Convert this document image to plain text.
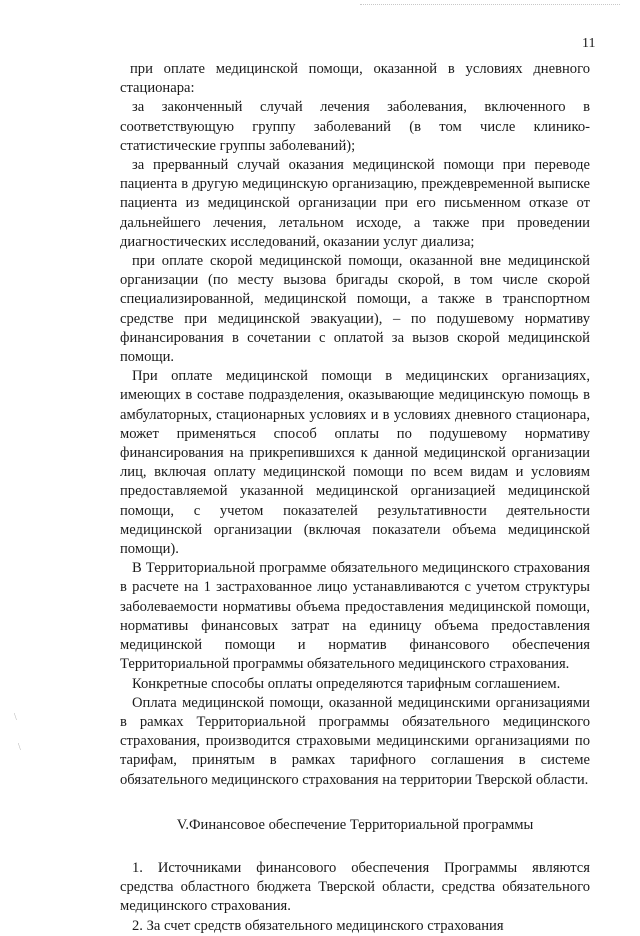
11

при оплате медицинской помощи, оказанной в условиях дневного стационара:

за законченный случай лечения заболевания, включенного в соответствующую группу заболеваний (в том числе клинико-статистические группы заболеваний);

за прерванный случай оказания медицинской помощи при переводе пациента в другую медицинскую организацию, преждевременной выписке пациента из медицинской организации при его письменном отказе от дальнейшего лечения, летальном исходе, а также при проведении диагностических исследований, оказании услуг диализа;

при оплате скорой медицинской помощи, оказанной вне медицинской организации (по месту вызова бригады скорой, в том числе скорой специализированной, медицинской помощи, а также в транспортном средстве при медицинской эвакуации), – по подушевому нормативу финансирования в сочетании с оплатой за вызов скорой медицинской помощи.

При оплате медицинской помощи в медицинских организациях, имеющих в составе подразделения, оказывающие медицинскую помощь в амбулаторных, стационарных условиях и в условиях дневного стационара, может применяться способ оплаты по подушевому нормативу финансирования на прикрепившихся к данной медицинской организации лиц, включая оплату медицинской помощи по всем видам и условиям предоставляемой указанной медицинской организацией медицинской помощи, с учетом показателей результативности деятельности медицинской организации (включая показатели объема медицинской помощи).

В Территориальной программе обязательного медицинского страхования в расчете на 1 застрахованное лицо устанавливаются с учетом структуры заболеваемости нормативы объема предоставления медицинской помощи, нормативы финансовых затрат на единицу объема предоставления медицинской помощи и норматив финансового обеспечения Территориальной программы обязательного медицинского страхования.

Конкретные способы оплаты определяются тарифным соглашением.

Оплата медицинской помощи, оказанной медицинскими организациями в рамках Территориальной программы обязательного медицинского страхования, производится страховыми медицинскими организациями по тарифам, принятым в рамках тарифного соглашения в системе обязательного медицинского страхования на территории Тверской области.

V.Финансовое обеспечение Территориальной программы

1. Источниками финансового обеспечения Программы являются средства областного бюджета Тверской области, средства обязательного медицинского страхования.

2. За счет средств обязательного медицинского страхования

\
\
